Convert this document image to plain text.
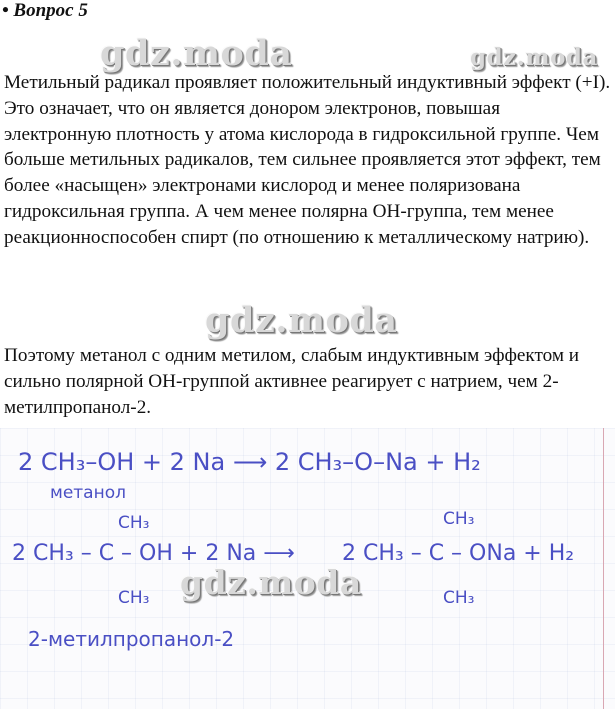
• Вопрос 5
gdz.moda	gdz.moda

Метильный радикал проявляет положительный индуктивный эффект (+I). Это означает, что он является донором электронов, повышая электронную плотность у атома кислорода в гидроксильной группе. Чем больше метильных радикалов, тем сильнее проявляется этот эффект, тем более «насыщен» электронами кислород и менее поляризована гидроксильная группа. А чем менее полярна OH-группа, тем менее реакционноспособен спирт (по отношению к металлическому натрию).

gdz.moda

Поэтому метанол с одним метилом, слабым индуктивным эффектом и сильно полярной OH-группой активнее реагирует с натрием, чем 2-метилпропанол-2.

2 CH₃–OH + 2 Na ⟶ 2 CH₃–O–Na + H₂
метанол
CH₃	CH₃
2 CH₃ – C – OH + 2 Na ⟶ 2 CH₃ – C – ONa + H₂
CH₃	CH₃
2-метилпропанол-2
gdz.moda
